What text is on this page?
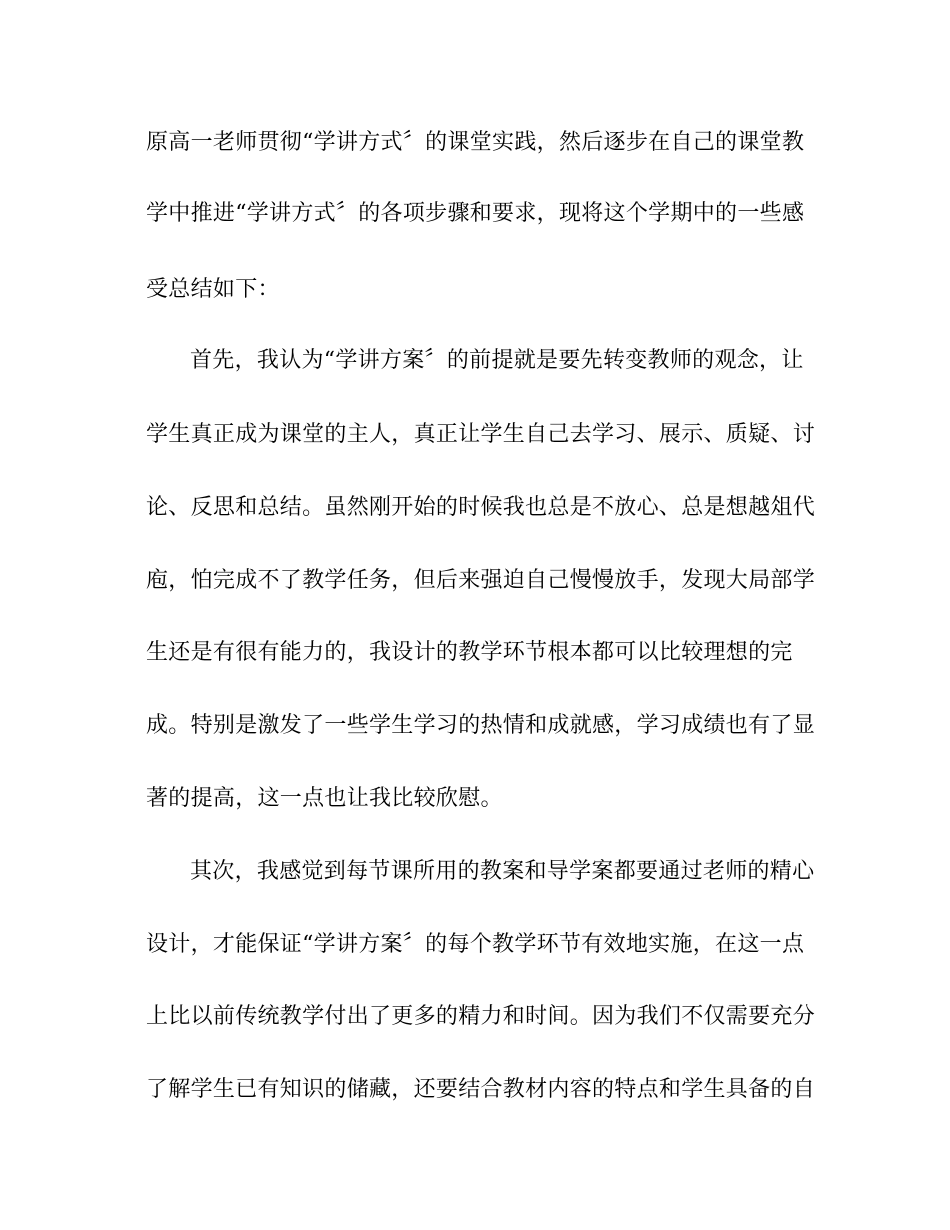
原高一老师贯彻“学讲方式〞的课堂实践，然后逐步在自己的课堂教
学中推进“学讲方式〞的各项步骤和要求，现将这个学期中的一些感
受总结如下：
首先，我认为“学讲方案〞的前提就是要先转变教师的观念，让
学生真正成为课堂的主人，真正让学生自己去学习、展示、质疑、讨
论、反思和总结。虽然刚开始的时候我也总是不放心、总是想越俎代
庖，怕完成不了教学任务，但后来强迫自己慢慢放手，发现大局部学
生还是有很有能力的，我设计的教学环节根本都可以比较理想的完
成。特别是激发了一些学生学习的热情和成就感，学习成绩也有了显
著的提高，这一点也让我比较欣慰。
其次，我感觉到每节课所用的教案和导学案都要通过老师的精心
设计，才能保证“学讲方案〞的每个教学环节有效地实施，在这一点
上比以前传统教学付出了更多的精力和时间。因为我们不仅需要充分
了解学生已有知识的储藏，还要结合教材内容的特点和学生具备的自
